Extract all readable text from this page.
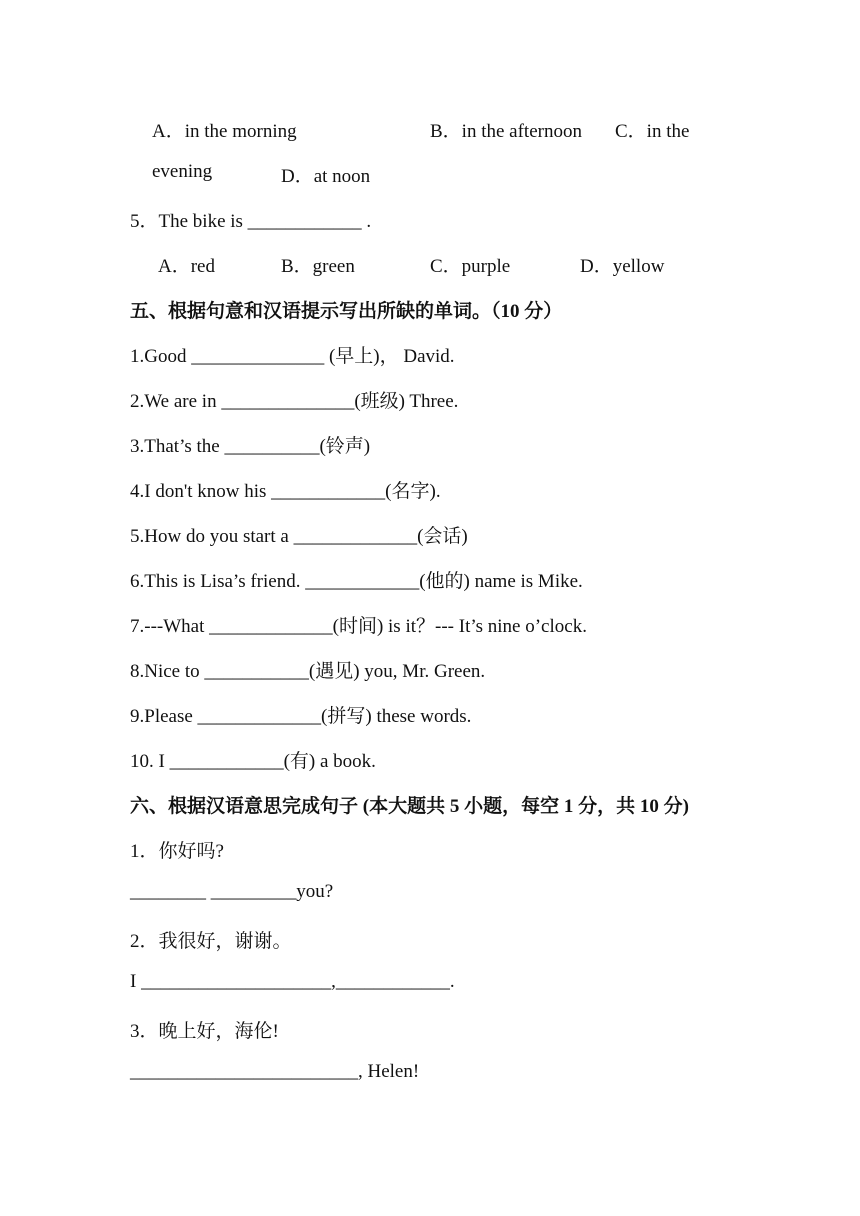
A．in the morning	B．in the afternoon C．in the
evening	D．at noon
5．The bike is ____________ .
A．red	B．green	C．purple	D．yellow
五、根据句意和汉语提示写出所缺的单词。（10 分）
1.Good ______________ (早上)， David.
2.We are in ______________(班级) Three.
3.That’s the __________(铃声)
4.I don't know his ____________(名字).
5.How do you start a _____________(会话)
6.This is Lisa’s friend. ____________(他的) name is Mike.
7.---What _____________(时间) is it？--- It’s nine o’clock.
8.Nice to ___________(遇见) you, Mr. Green.
9.Please _____________(拼写) these words.
10. I ____________(有) a book.
六、根据汉语意思完成句子 (本大题共 5 小题，每空 1 分，共 10 分)
1．你好吗?
________ _________you?
2．我很好，谢谢。
I ____________________,____________.
3．晚上好，海伦!
________________________, Helen!
